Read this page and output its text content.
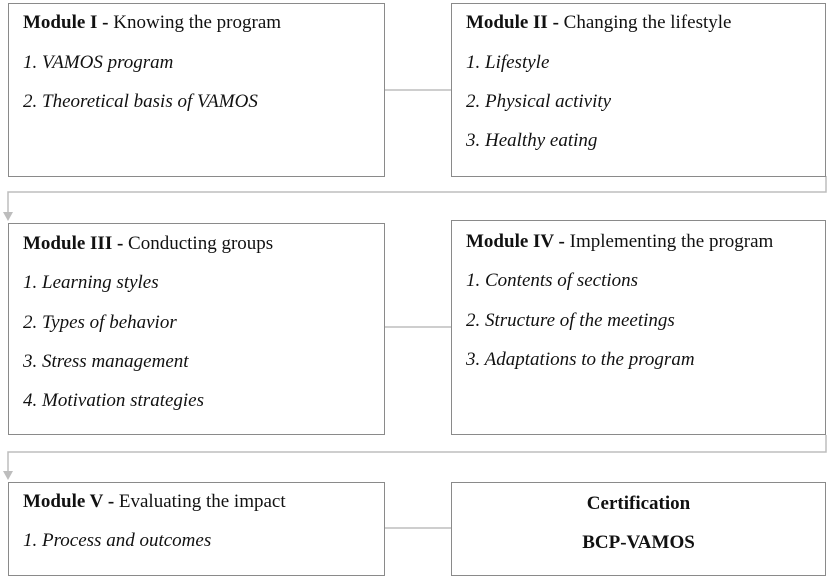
Module I - Knowing the program
1. VAMOS program
2. Theoretical basis of VAMOS
Module II - Changing the lifestyle
1. Lifestyle
2. Physical activity
3. Healthy eating
Module III - Conducting groups
1. Learning styles
2. Types of behavior
3. Stress management
4. Motivation strategies
Module IV - Implementing the program
1. Contents of sections
2. Structure of the meetings
3. Adaptations to the program
Module V - Evaluating the impact
1. Process and outcomes
Certification
BCP-VAMOS
